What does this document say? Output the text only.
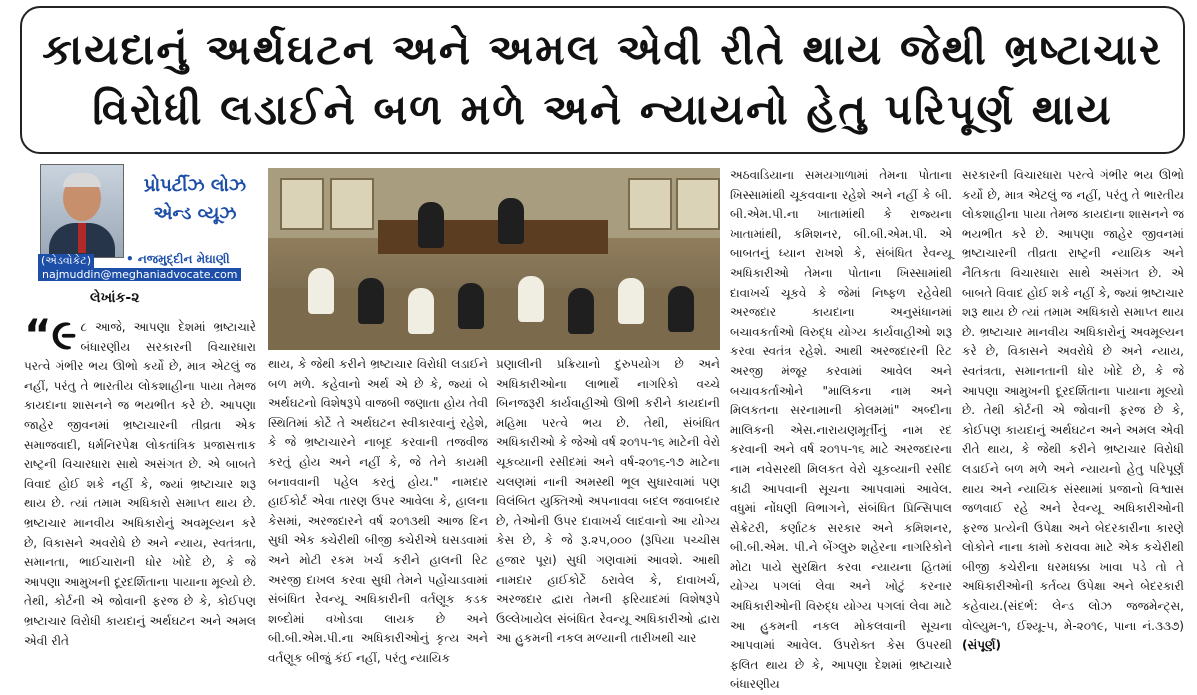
કાયદાનું અર્થઘટન અને અમલ એવી રીતે થાય જેથી ભ્રષ્ટાચાર
વિરોધી લડાઈને બળ મળે અને ન્યાયનો હેતુ પરિપૂર્ણ થાય
પ્રોપર્ટીઝ લોઝ
એન્ડ વ્યૂઝ
(એડવોકેટ)	• નજમુદ્દીન મેઘાણી
najmuddin@meghaniadvocate.com
લેખાંક-૨

“૯ ૮ આજે, આપણા દેશમાં ભ્રષ્ટાચારે બંધારણીય સરકારની વિચારધારા પરત્વે ગંભીર ભય ઊભો કર્યો છે, માત્ર એટલું જ નહીં, પરંતુ તે ભારતીય લોકશાહીના પાયા તેમજ કાયદાના શાસનને જ ભયભીત કરે છે. આપણા જાહેર જીવનમાં ભ્રષ્ટાચારની તીવ્રતા એક સમાજવાદી, ધર્મનિરપેક્ષ લોકતાંત્રિક પ્રજાસત્તાક રાષ્ટ્રની વિચારધારા સાથે અસંગત છે. એ બાબતે વિવાદ હોઈ શકે નહીં કે, જ્યાં ભ્રષ્ટાચાર શરૂ થાય છે. ત્યાં તમામ અધિકારો સમાપ્ત થાય છે. ભ્રષ્ટાચાર માનવીય અધિકારોનું અવમૂલ્યન કરે છે, વિકાસને અવરોધે છે અને ન્યાય, સ્વતંત્રતા, સમાનતા, ભાઈચારાની ધોર ખોદે છે, કે જે આપણા આમુખની દૂરદર્શિતાના પાયાના મૂલ્યો છે. તેથી, કોર્ટની એ જોવાની ફરજ છે કે, કોઈપણ ભ્રષ્ટાચાર વિરોધી કાયદાનું અર્થઘટન અને અમલ એવી રીતે

થાય, કે જેથી કરીને ભ્રષ્ટાચાર વિરોધી લડાઈને બળ મળે. કહેવાનો અર્થ એ છે કે, જ્યાં બે અર્થઘટનો વિશેષરૂપે વાજબી જણાતા હોય તેવી સ્થિતિમાં કોર્ટે તે અર્થઘટન સ્વીકારવાનું રહેશે, કે જે ભ્રષ્ટાચારને નાબૂદ કરવાની તજવીજ કરતું હોય અને નહીં કે, જે તેને કાયમી બનાવવાની પહેલ કરતું હોય." નામદાર હાઈકોર્ટ એવા તારણ ઉપર આવેલા કે, હાલના કેસમાં, અરજદારને વર્ષ ૨૦૧૩થી આજ દિન સુધી એક ક્ચેરીથી બીજી ક્ચેરીએ ઘસડવામાં અને મોટી રકમ ખર્ચ કરીને હાલની રિટ અરજી દાખલ કરવા સુધી તેમને પહોંચાડવામાં સંબંધિત રેવન્યૂ અધિકારીની વર્તણૂક કડક શબ્દોમાં વખોડવા લાયક છે અને બી.બી.એમ.પી.ના અધિકારીઓનું કૃત્ય અને વર્તણૂક બીજું કંઈ નહીં, પરંતુ ન્યાયિક

પ્રણાલીની પ્રક્રિયાનો દુરુપયોગ છે અને અધિકારીઓના લાભાર્થે નાગરિકો વચ્ચે બિનજરૂરી કાર્યવાહીઓ ઊભી કરીને કાયદાની મહિમા પરત્વે ભય છે. તેથી, સંબંધિત અધિકારીઓ કે જેઓ વર્ષ ૨૦૧૫-૧૬ માટેની વેરો ચૂકવ્યાની રસીદમાં અને વર્ષ-૨૦૧૬-૧૭ માટેના ચલણમાં નાની અમસ્થી ભૂલ સુધારવામાં પણ વિલંબિત યુક્તિઓ અપનાવવા બદલ જવાબદાર છે, તેઓની ઉપર દાવાખર્ચ લાદવાનો આ યોગ્ય કેસ છે, કે જે રૂ.૨૫,૦૦૦ (રૂપિયા પચ્ચીસ હજાર પૂરા) સુધી ગણવામાં આવશે. આથી નામદાર હાઈકોર્ટે ઠરાવેલ કે, દાવાખર્ચ, અરજદાર દ્વારા તેમની ફરિયાદમાં વિશેષરૂપે ઉલ્લેખાયેલ સંબંધિત રેવન્યૂ અધિકારીઓ દ્વારા આ હુકમની નકલ મળ્યાની તારીખથી ચાર

અઠવાડિયાના સમયગાળામાં તેમના પોતાના ખિસ્સામાંથી ચૂકવવાના રહેશે અને નહીં કે બી. બી.એમ.પી.ના ખાતામાંથી કે રાજ્યના ખાતામાંથી, કમિશનર, બી.બી.એમ.પી. એ બાબતનું ધ્યાન રાખશે કે, સંબંધિત રેવન્યૂ અધિકારીઓ તેમના પોતાના ખિસ્સામાંથી દાવાખર્ચ ચૂકવે કે જેમાં નિષ્ફળ રહેવેથી અરજદાર કાયદાના અનુસંધાનમાં બચાવકર્તાઓ વિરુદ્ધ યોગ્ય કાર્યવાહીઓ શરૂ કરવા સ્વતંત્ર રહેશે. આથી અરજદારની રિટ અરજી મંજૂર કરવામાં આવેલ અને બચાવકર્તાઓને "માલિકના નામ અને મિલકતના સરનામાની કોલમમાં" અબ્દીના માલિકની એસ.નારાયણમૂર્તીનું નામ રદ કરવાની અને વર્ષ ૨૦૧૫-૧૬ માટે અરજદારના નામ નવેસરથી મિલકત વેરો ચૂકવ્યાની રસીદ કાઢી આપવાની સૂચના આપવામાં આવેલ. વધુમાં નોંધણી વિભાગને, સંબંધિત પ્રિન્સિપાલ સેક્રેટરી, કર્ણાટક સરકાર અને કમિશનર, બી.બી.એમ. પી.ને બેંગ્લુરુ શહેરના નાગરિકોને મોટા પાયે સુરક્ષિત કરવા ન્યાયના હિતમાં યોગ્ય પગલાં લેવા અને ખોટું કરનાર અધિકારીઓની વિરુદ્ધ યોગ્ય પગલાં લેવા માટે આ હુકમની નકલ મોકલવાની સૂચના આપવામાં આવેલ. ઉપરોક્ત કેસ ઉપરથી ફલિત થાય છે કે, આપણા દેશમાં ભ્રષ્ટાચારે બંધારણીય

સરકારની વિચારધારા પરત્વે ગંભીર ભય ઊભો કર્યો છે, માત્ર એટલું જ નહીં, પરંતુ તે ભારતીય લોકશાહીના પાયા તેમજ કાયદાના શાસનને જ ભયભીત કરે છે. આપણા જાહેર જીવનમાં ભ્રષ્ટાચારની તીવ્રતા રાષ્ટ્રની ન્યાયિક અને નૈતિકતા વિચારધારા સાથે અસંગત છે. એ બાબતે વિવાદ હોઈ શકે નહીં કે, જ્યાં ભ્રષ્ટાચાર શરૂ થાય છે ત્યાં તમામ અધિકારો સમાપ્ત થાય છે. ભ્રષ્ટાચાર માનવીય અધિકારોનું અવમૂલ્યન કરે છે, વિકાસને અવરોધે છે અને ન્યાય, સ્વતંત્રતા, સમાનતાની ધોર ખોદે છે, કે જે આપણા આમુખની દૂરદર્શિતાના પાયાના મૂલ્યો છે. તેથી કોર્ટની એ જોવાની ફરજ છે કે, કોઈપણ કાયદાનું અર્થઘટન અને અમલ એવી રીતે થાય, કે જેથી કરીને ભ્રષ્ટાચાર વિરોધી લડાઈને બળ મળે અને ન્યાયનો હેતુ પરિપૂર્ણ થાય અને ન્યાયિક સંસ્થામાં પ્રજાનો વિશ્વાસ જળવાઈ રહે અને રેવન્યૂ અધિકારીઓની ફરજ પ્રત્યેની ઉપેક્ષા અને બેદરકારીના કારણે લોકોને નાના કામો કરાવવા માટે એક કચેરીથી બીજી કચેરીના ધરમધક્કા ખાવા પડે તો તે અધિકારીઓની કર્તવ્ય ઉપેક્ષા અને બેદરકારી કહેવાય.(સંદર્ભ: લેન્ડ લોઝ જજમેન્ટ્સ, વોલ્યુમ-૧, ઈશ્યૂ-૫, મે-૨૦૧૯, પાના નં.૩૩૭) (સંપૂર્ણ)
